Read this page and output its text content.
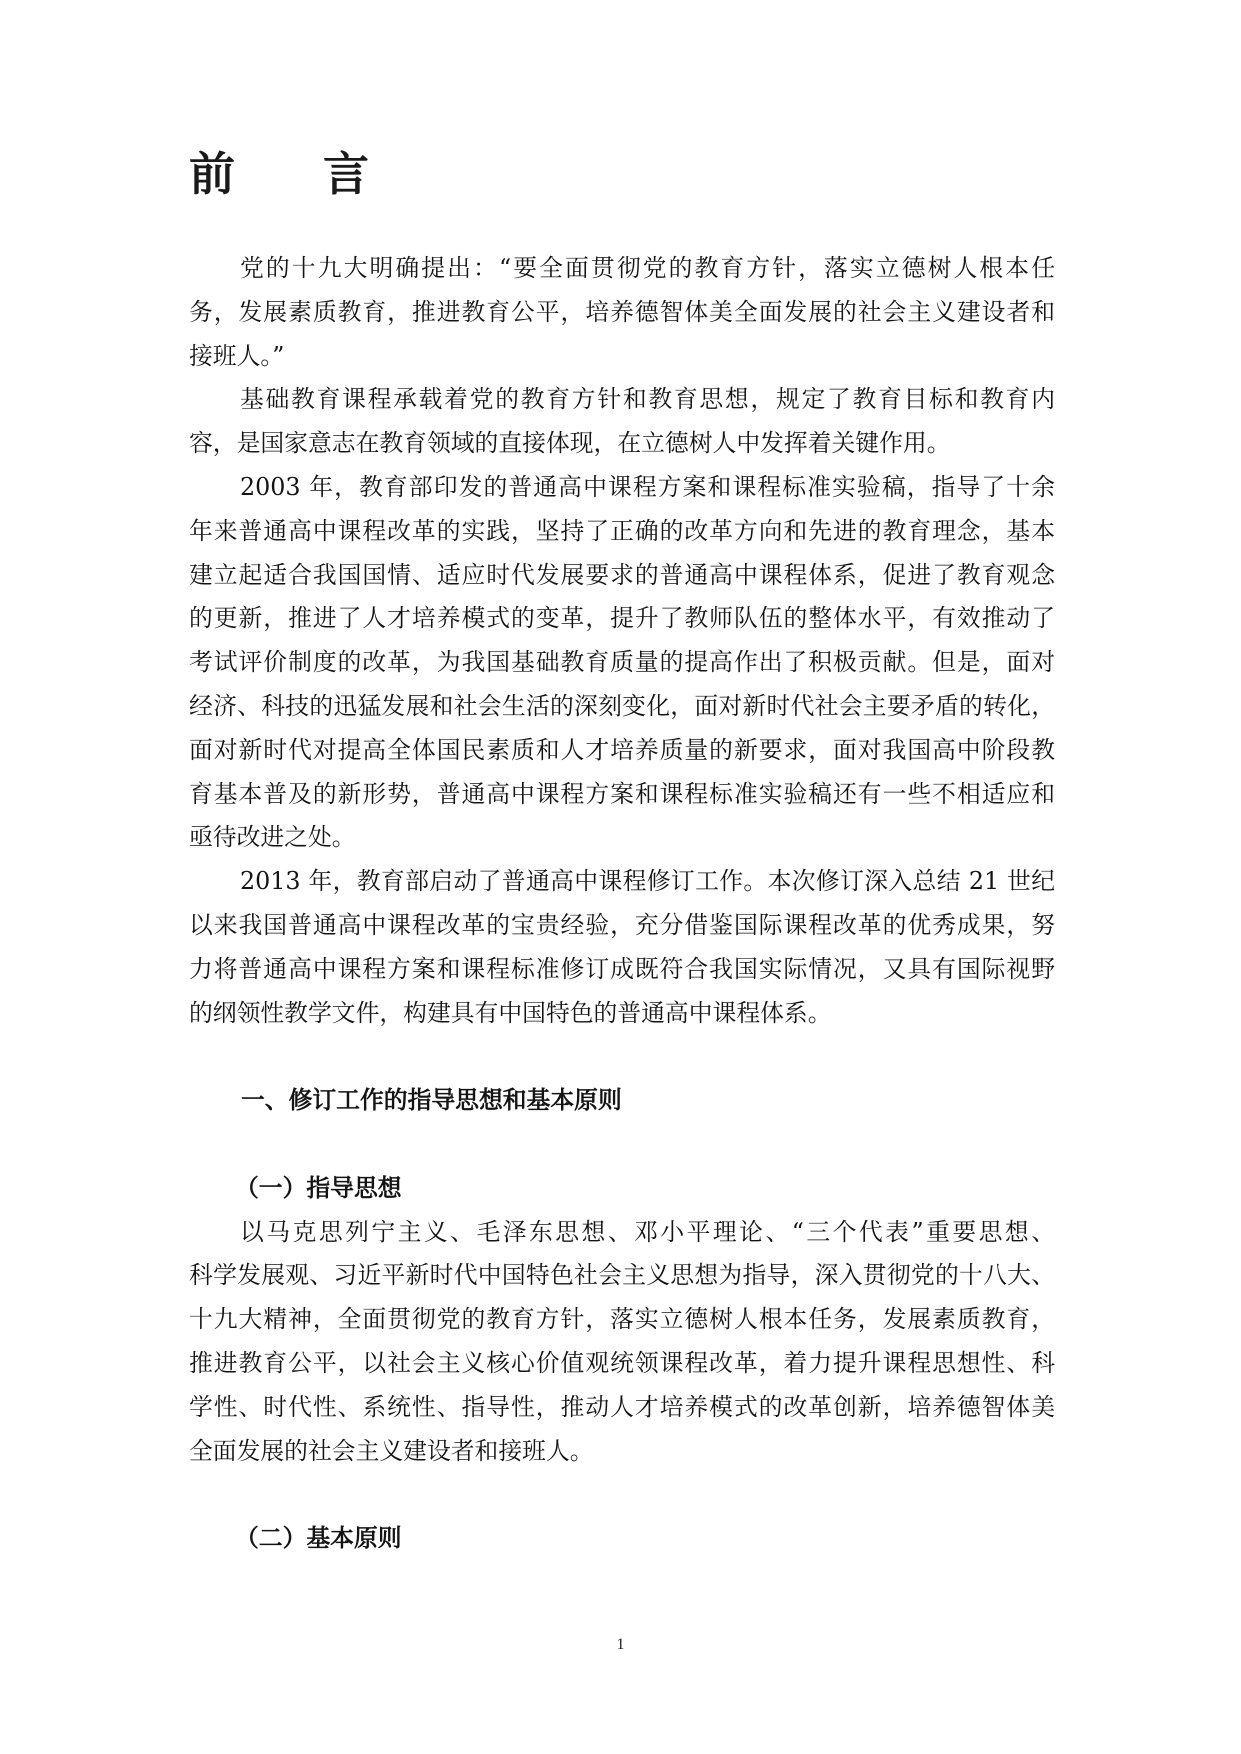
前 言
党的十九大明确提出：“要全面贯彻党的教育方针，落实立德树人根本任
务，发展素质教育，推进教育公平，培养德智体美全面发展的社会主义建设者和
接班人。”
基础教育课程承载着党的教育方针和教育思想，规定了教育目标和教育内
容，是国家意志在教育领域的直接体现，在立德树人中发挥着关键作用。
2003 年，教育部印发的普通高中课程方案和课程标准实验稿，指导了十余
年来普通高中课程改革的实践，坚持了正确的改革方向和先进的教育理念，基本
建立起适合我国国情、适应时代发展要求的普通高中课程体系，促进了教育观念
的更新，推进了人才培养模式的变革，提升了教师队伍的整体水平，有效推动了
考试评价制度的改革，为我国基础教育质量的提高作出了积极贡献。但是，面对
经济、科技的迅猛发展和社会生活的深刻变化，面对新时代社会主要矛盾的转化，
面对新时代对提高全体国民素质和人才培养质量的新要求，面对我国高中阶段教
育基本普及的新形势，普通高中课程方案和课程标准实验稿还有一些不相适应和
亟待改进之处。
2013 年，教育部启动了普通高中课程修订工作。本次修订深入总结 21 世纪
以来我国普通高中课程改革的宝贵经验，充分借鉴国际课程改革的优秀成果，努
力将普通高中课程方案和课程标准修订成既符合我国实际情况，又具有国际视野
的纲领性教学文件，构建具有中国特色的普通高中课程体系。
一、修订工作的指导思想和基本原则
（一）指导思想
以马克思列宁主义、毛泽东思想、邓小平理论、“三个代表”重要思想、
科学发展观、习近平新时代中国特色社会主义思想为指导，深入贯彻党的十八大、
十九大精神，全面贯彻党的教育方针，落实立德树人根本任务，发展素质教育，
推进教育公平，以社会主义核心价值观统领课程改革，着力提升课程思想性、科
学性、时代性、系统性、指导性，推动人才培养模式的改革创新，培养德智体美
全面发展的社会主义建设者和接班人。
（二）基本原则
1
